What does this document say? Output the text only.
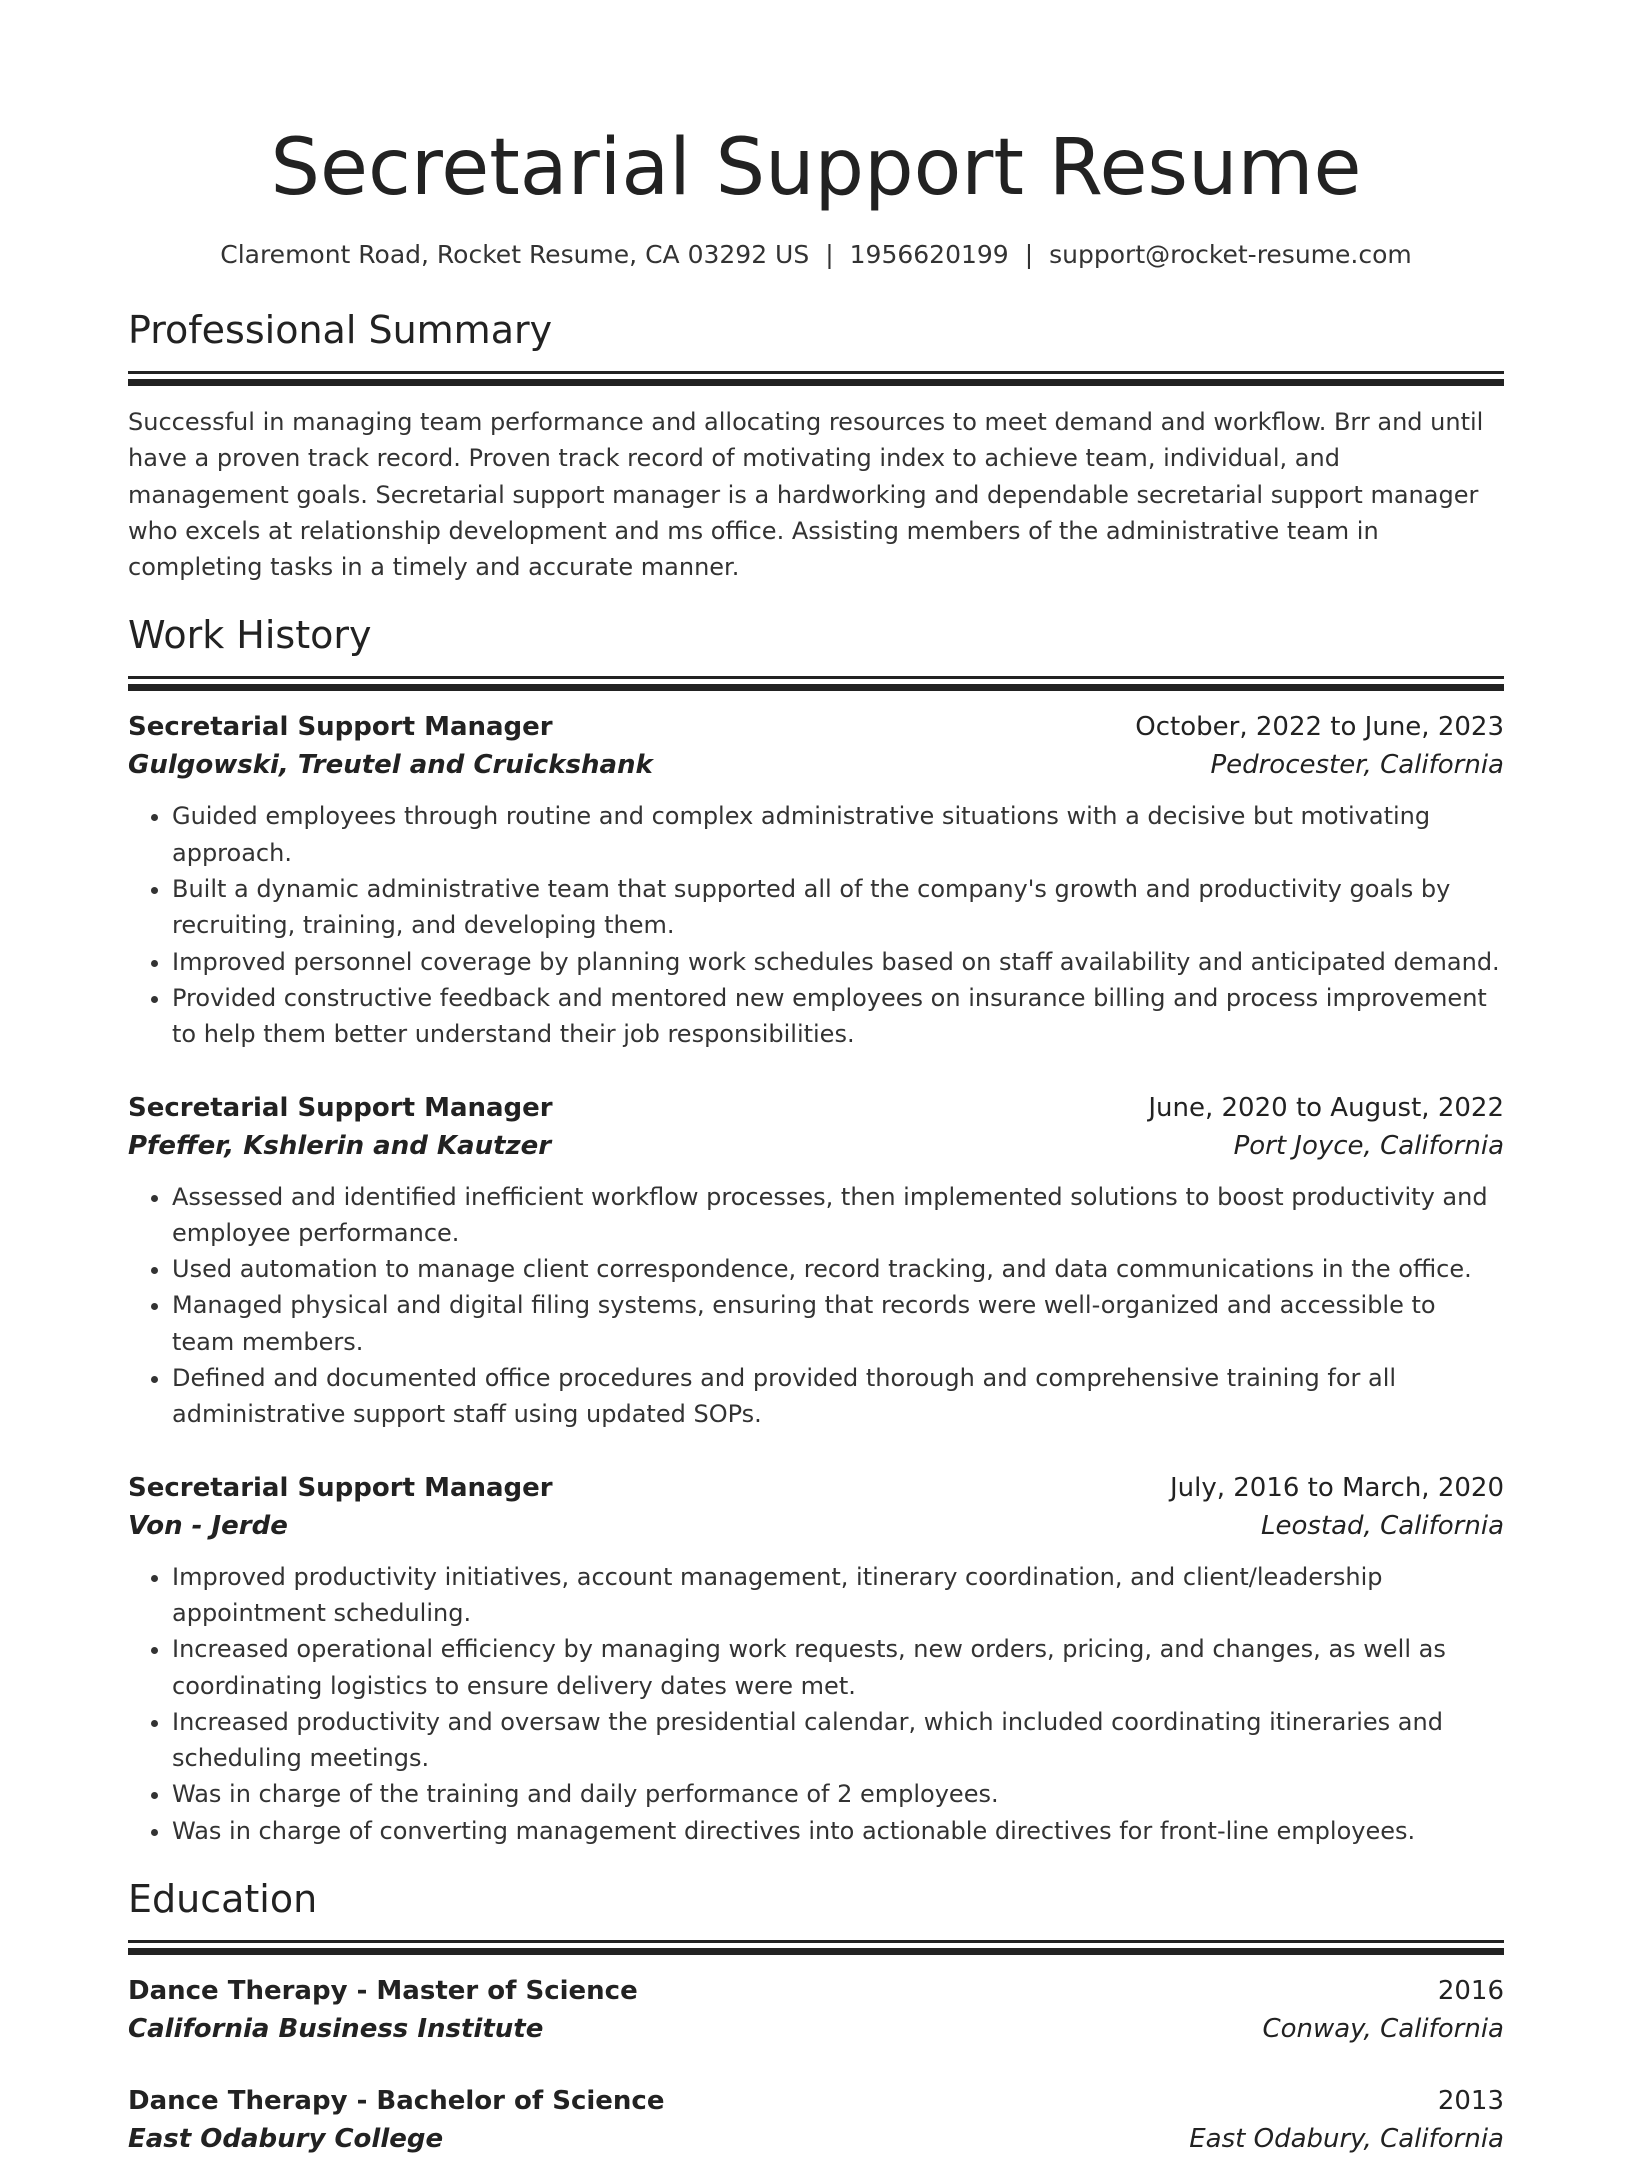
Secretarial Support Resume
Claremont Road, Rocket Resume, CA 03292 US | 1956620199 | support@rocket-resume.com
Professional Summary
Successful in managing team performance and allocating resources to meet demand and workflow. Brr and until have a proven track record. Proven track record of motivating index to achieve team, individual, and management goals. Secretarial support manager is a hardworking and dependable secretarial support manager who excels at relationship development and ms office. Assisting members of the administrative team in completing tasks in a timely and accurate manner.
Work History
Secretarial Support Manager	October, 2022 to June, 2023
Gulgowski, Treutel and Cruickshank	Pedrocester, California
• Guided employees through routine and complex administrative situations with a decisive but motivating approach.
• Built a dynamic administrative team that supported all of the company's growth and productivity goals by recruiting, training, and developing them.
• Improved personnel coverage by planning work schedules based on staff availability and anticipated demand.
• Provided constructive feedback and mentored new employees on insurance billing and process improvement to help them better understand their job responsibilities.
Secretarial Support Manager	June, 2020 to August, 2022
Pfeffer, Kshlerin and Kautzer	Port Joyce, California
• Assessed and identified inefficient workflow processes, then implemented solutions to boost productivity and employee performance.
• Used automation to manage client correspondence, record tracking, and data communications in the office.
• Managed physical and digital filing systems, ensuring that records were well-organized and accessible to team members.
• Defined and documented office procedures and provided thorough and comprehensive training for all administrative support staff using updated SOPs.
Secretarial Support Manager	July, 2016 to March, 2020
Von - Jerde	Leostad, California
• Improved productivity initiatives, account management, itinerary coordination, and client/leadership appointment scheduling.
• Increased operational efficiency by managing work requests, new orders, pricing, and changes, as well as coordinating logistics to ensure delivery dates were met.
• Increased productivity and oversaw the presidential calendar, which included coordinating itineraries and scheduling meetings.
• Was in charge of the training and daily performance of 2 employees.
• Was in charge of converting management directives into actionable directives for front-line employees.
Education
Dance Therapy - Master of Science	2016
California Business Institute	Conway, California
Dance Therapy - Bachelor of Science	2013
East Odabury College	East Odabury, California
